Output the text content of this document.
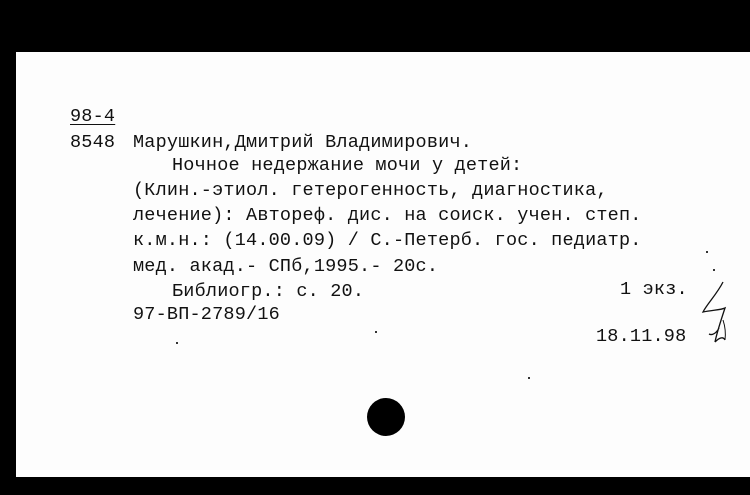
98-4
8548 Марушкин,Дмитрий Владимирович.
Ночное недержание мочи у детей:
(Клин.-этиол. гетерогенность, диагностика,
лечение): Автореф. дис. на соиск. учен. степ.
к.м.н.: (14.00.09) / С.-Петерб. гос. педиатр.
мед. акад.- СПб,1995.- 20с.
Библиогр.: с. 20.	1 экз.
97-ВП-2789/16
18.11.98
